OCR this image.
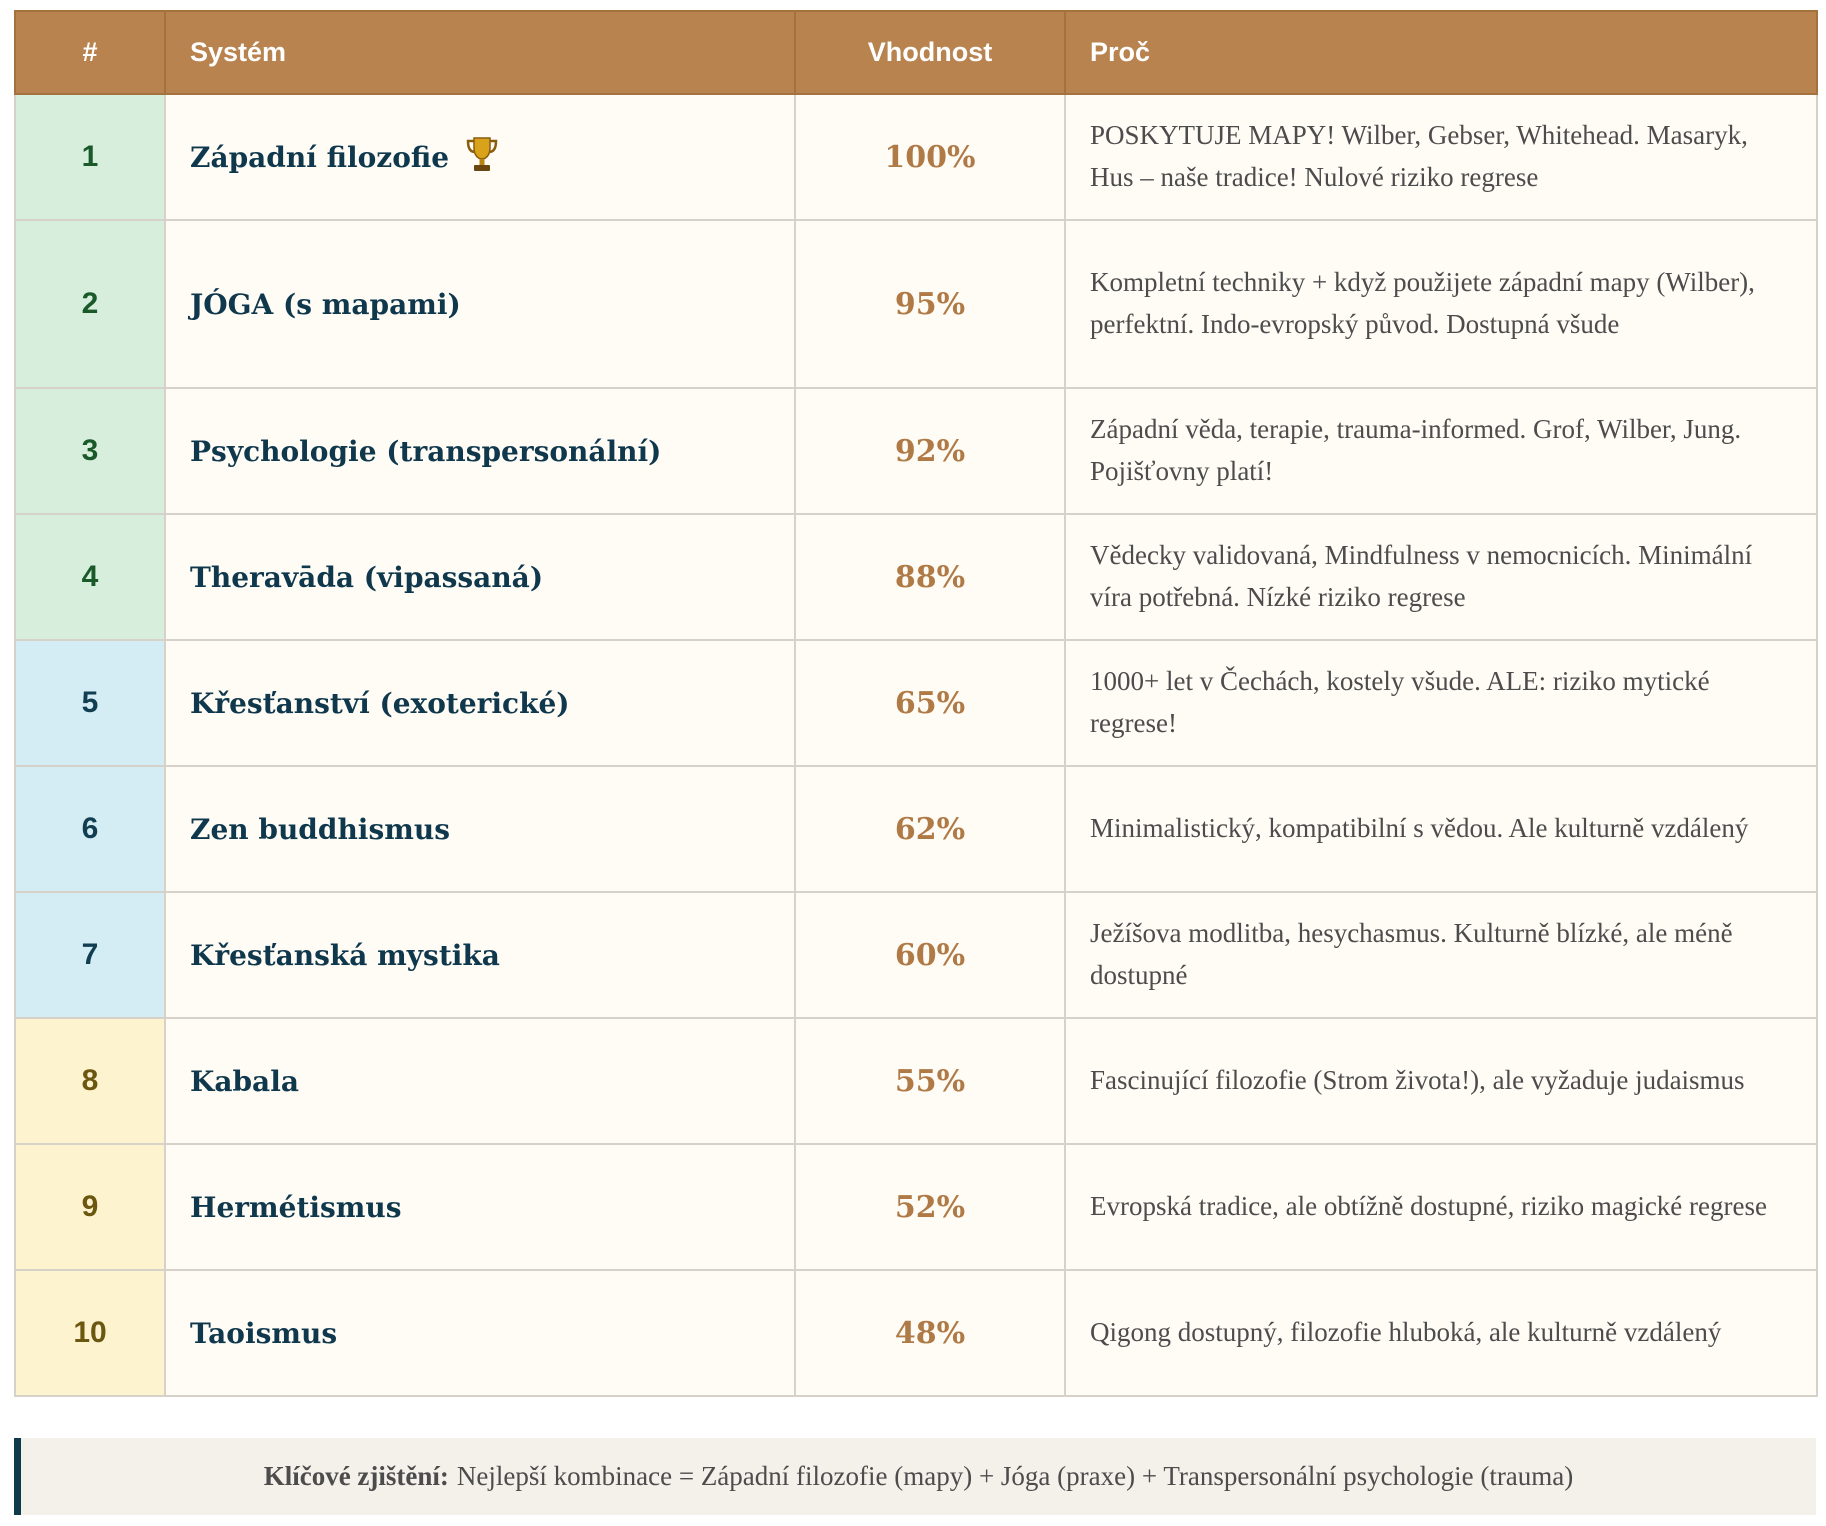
#	Systém	Vhodnost	Proč
1	Západní filozofie	100%	POSKYTUJE MAPY! Wilber, Gebser, Whitehead. Masaryk, Hus – naše tradice! Nulové riziko regrese
2	JÓGA (s mapami)	95%	Kompletní techniky + když použijete západní mapy (Wilber), perfektní. Indo-evropský původ. Dostupná všude
3	Psychologie (transpersonální)	92%	Západní věda, terapie, trauma-informed. Grof, Wilber, Jung. Pojišťovny platí!
4	Theravāda (vipassaná)	88%	Vědecky validovaná, Mindfulness v nemocnicích. Minimální víra potřebná. Nízké riziko regrese
5	Křesťanství (exoterické)	65%	1000+ let v Čechách, kostely všude. ALE: riziko mytické regrese!
6	Zen buddhismus	62%	Minimalistický, kompatibilní s vědou. Ale kulturně vzdálený
7	Křesťanská mystika	60%	Ježíšova modlitba, hesychasmus. Kulturně blízké, ale méně dostupné
8	Kabala	55%	Fascinující filozofie (Strom života!), ale vyžaduje judaismus
9	Hermétismus	52%	Evropská tradice, ale obtížně dostupné, riziko magické regrese
10	Taoismus	48%	Qigong dostupný, filozofie hluboká, ale kulturně vzdálený
Klíčové zjištění: Nejlepší kombinace = Západní filozofie (mapy) + Jóga (praxe) + Transpersonální psychologie (trauma)
